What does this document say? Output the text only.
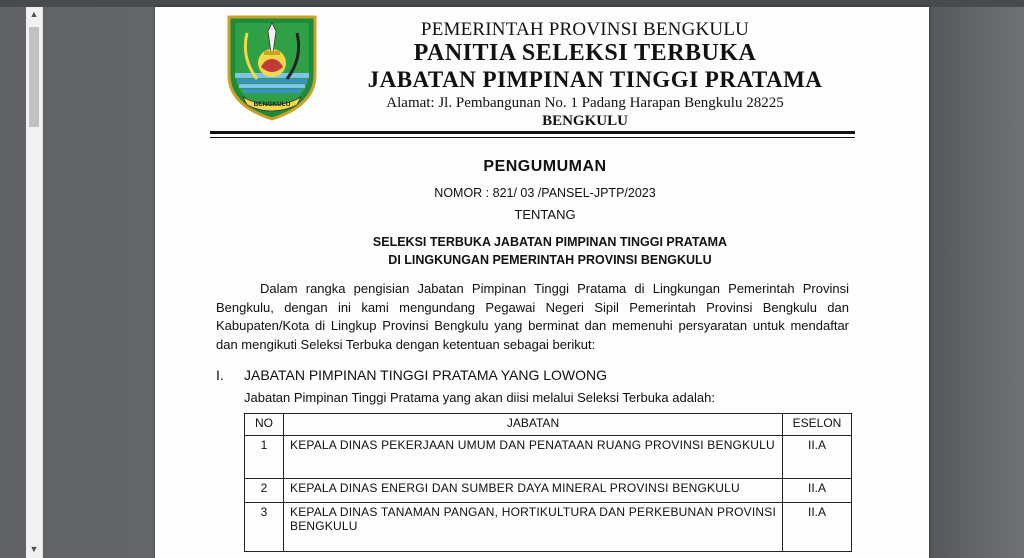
▲
▼
BENGKULU
PEMERINTAH PROVINSI BENGKULU
PANITIA SELEKSI TERBUKA
JABATAN PIMPINAN TINGGI PRATAMA
Alamat: Jl. Pembangunan No. 1 Padang Harapan Bengkulu 28225
BENGKULU
PENGUMUMAN
NOMOR : 821/ 03 /PANSEL-JPTP/2023
TENTANG
SELEKSI TERBUKA JABATAN PIMPINAN TINGGI PRATAMA
DI LINGKUNGAN PEMERINTAH PROVINSI BENGKULU
Dalam rangka pengisian Jabatan Pimpinan Tinggi Pratama di Lingkungan Pemerintah Provinsi Bengkulu, dengan ini kami mengundang Pegawai Negeri Sipil Pemerintah Provinsi Bengkulu dan Kabupaten/Kota di Lingkup Provinsi Bengkulu yang berminat dan memenuhi persyaratan untuk mendaftar dan mengikuti Seleksi Terbuka dengan ketentuan sebagai berikut:
I. JABATAN PIMPINAN TINGGI PRATAMA YANG LOWONG
Jabatan Pimpinan Tinggi Pratama yang akan diisi melalui Seleksi Terbuka adalah:
NO	JABATAN	ESELON
1	KEPALA DINAS PEKERJAAN UMUM DAN PENATAAN RUANG PROVINSI BENGKULU	II.A
2	KEPALA DINAS ENERGI DAN SUMBER DAYA MINERAL PROVINSI BENGKULU	II.A
3	KEPALA DINAS TANAMAN PANGAN, HORTIKULTURA DAN PERKEBUNAN PROVINSI BENGKULU	II.A
